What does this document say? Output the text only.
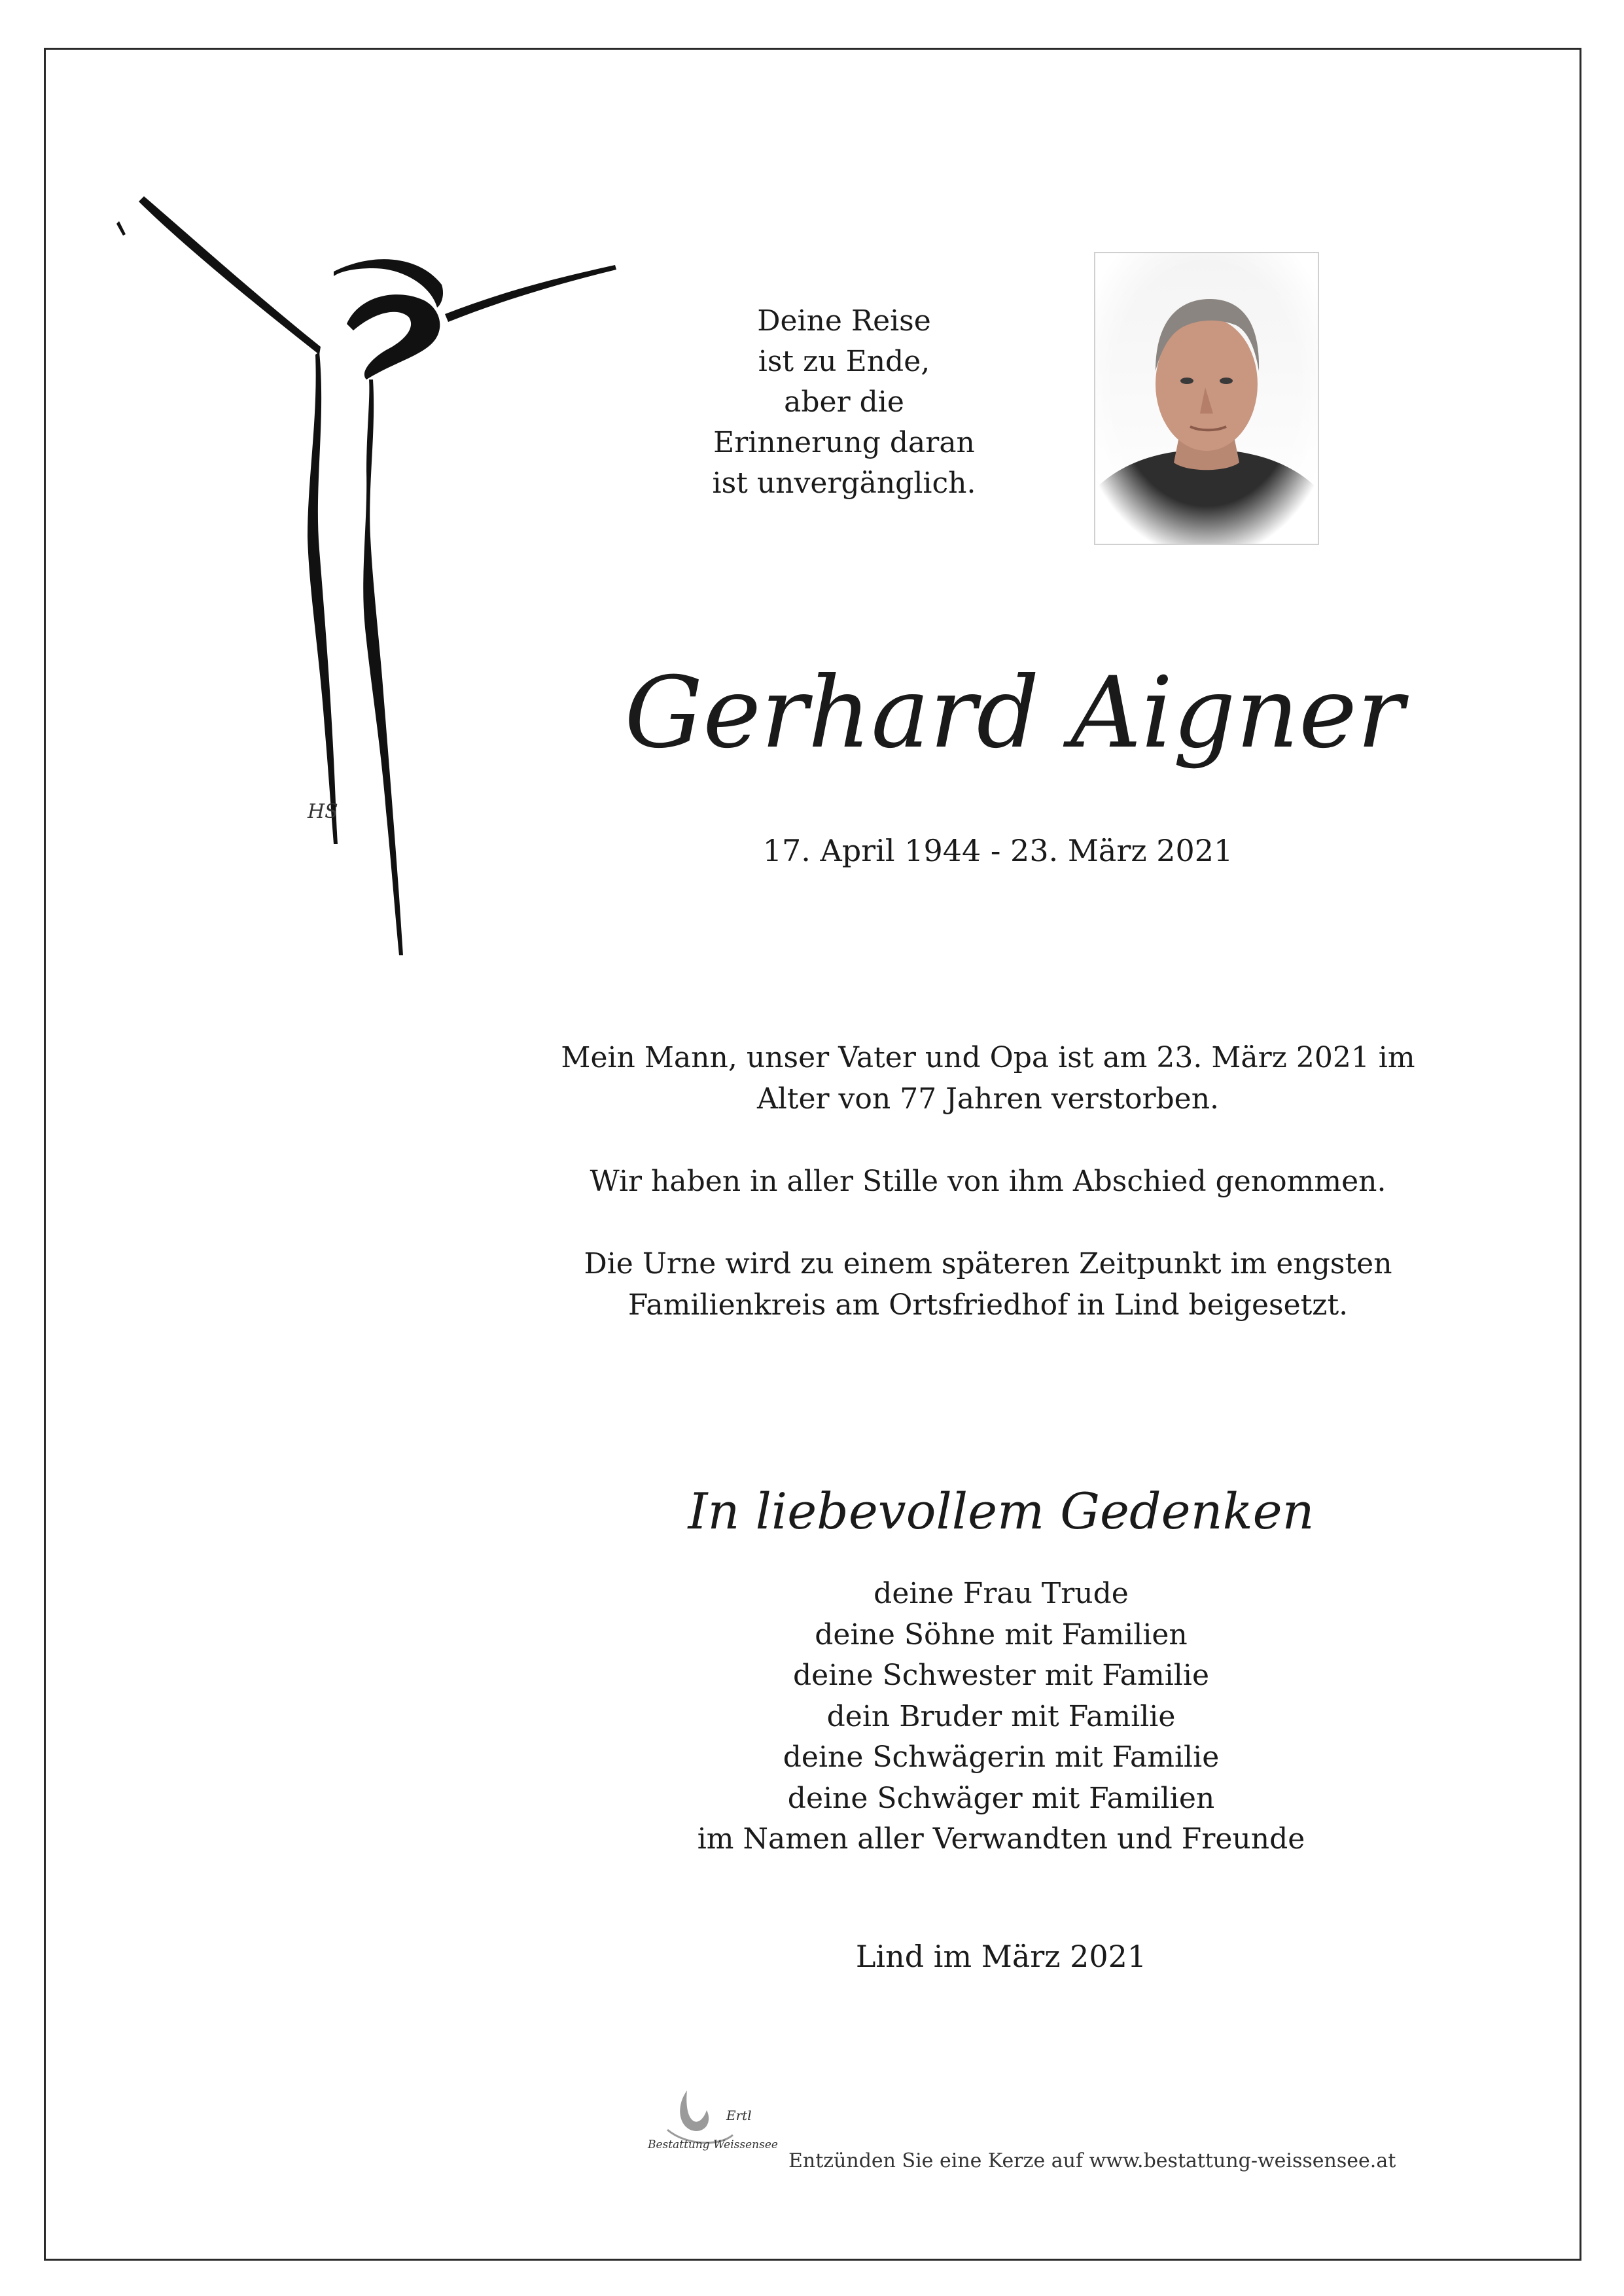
HS
Deine Reise
ist zu Ende,
aber die
Erinnerung daran
ist unvergänglich.
Gerhard Aigner
17. April 1944 - 23. März 2021

Mein Mann, unser Vater und Opa ist am 23. März 2021 im
Alter von 77 Jahren verstorben.

Wir haben in aller Stille von ihm Abschied genommen.

Die Urne wird zu einem späteren Zeitpunkt im engsten
Familienkreis am Ortsfriedhof in Lind beigesetzt.

In liebevollem Gedenken
deine Frau Trude
deine Söhne mit Familien
deine Schwester mit Familie
dein Bruder mit Familie
deine Schwägerin mit Familie
deine Schwäger mit Familien
im Namen aller Verwandten und Freunde
Lind im März 2021
Ertl
Bestattung Weissensee
Entzünden Sie eine Kerze auf www.bestattung-weissensee.at
